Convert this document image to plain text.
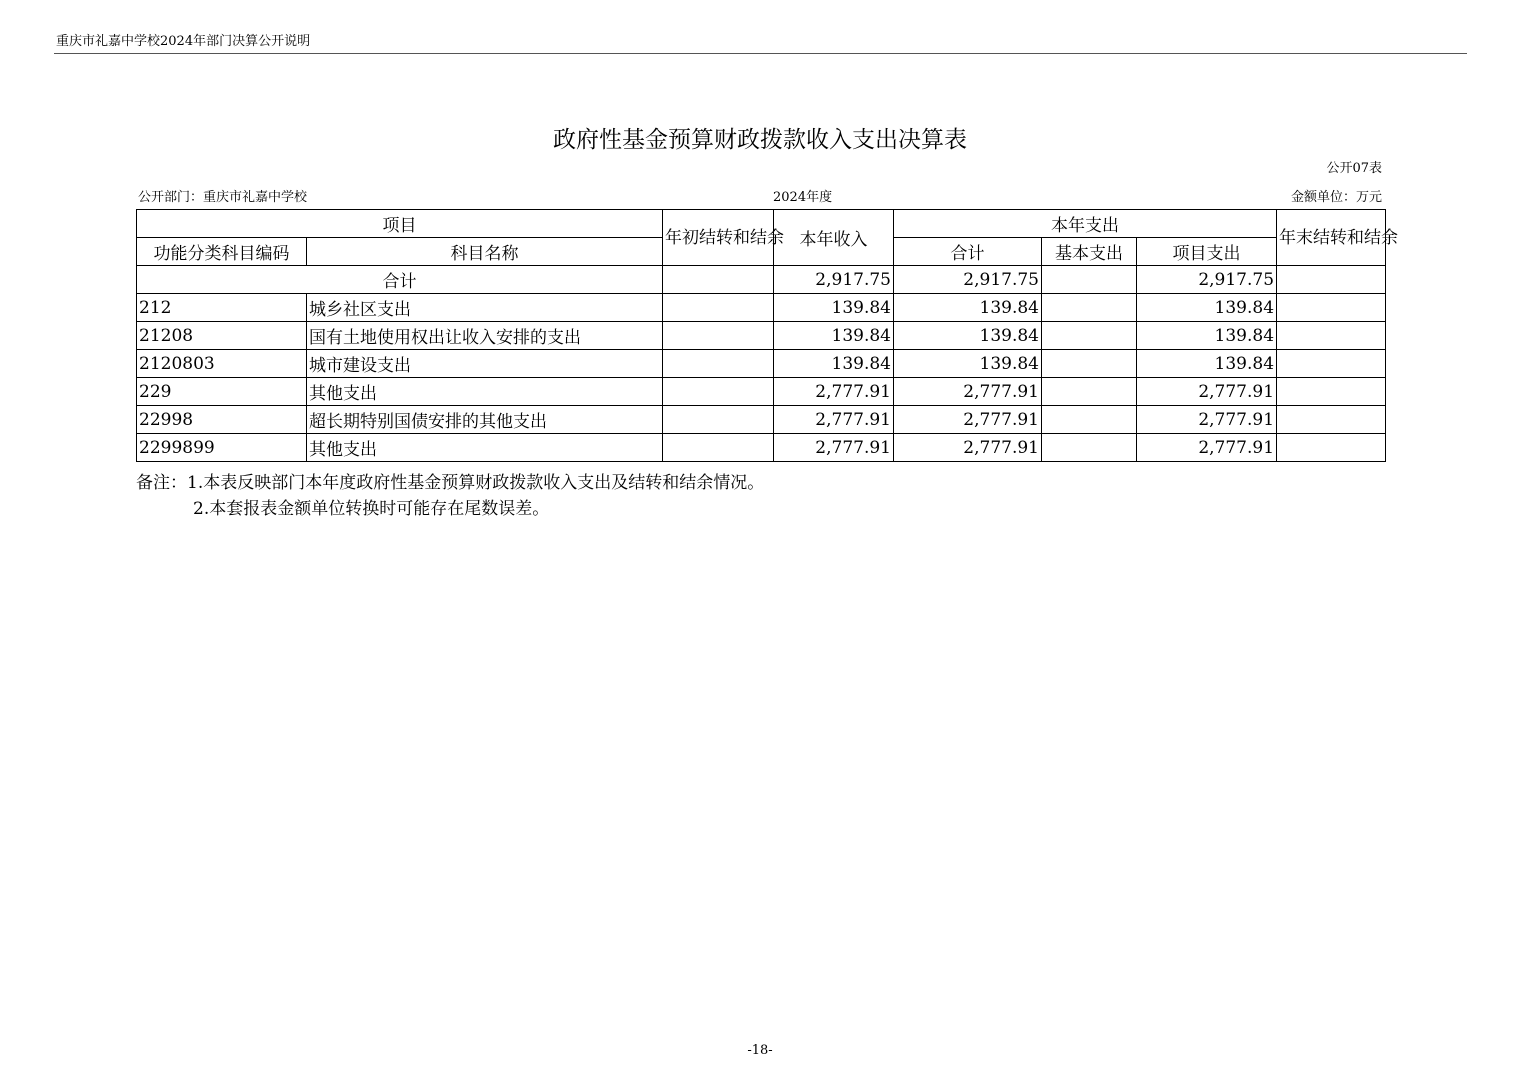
重庆市礼嘉中学校2024年部门决算公开说明
政府性基金预算财政拨款收入支出决算表
公开07表
公开部门：重庆市礼嘉中学校	2024年度	金额单位：万元
项目		年初结转和结余	本年收入	本年支出			年末结转和结余
功能分类科目编码	科目名称			合计	基本支出	项目支出	
合计			2,917.75	2,917.75		2,917.75	
212	城乡社区支出		139.84	139.84		139.84	
21208	国有土地使用权出让收入安排的支出		139.84	139.84		139.84	
2120803	城市建设支出		139.84	139.84		139.84	
229	其他支出		2,777.91	2,777.91		2,777.91	
22998	超长期特别国债安排的其他支出		2,777.91	2,777.91		2,777.91	
2299899	其他支出		2,777.91	2,777.91		2,777.91	
备注：1.本表反映部门本年度政府性基金预算财政拨款收入支出及结转和结余情况。
2.本套报表金额单位转换时可能存在尾数误差。
-18-
